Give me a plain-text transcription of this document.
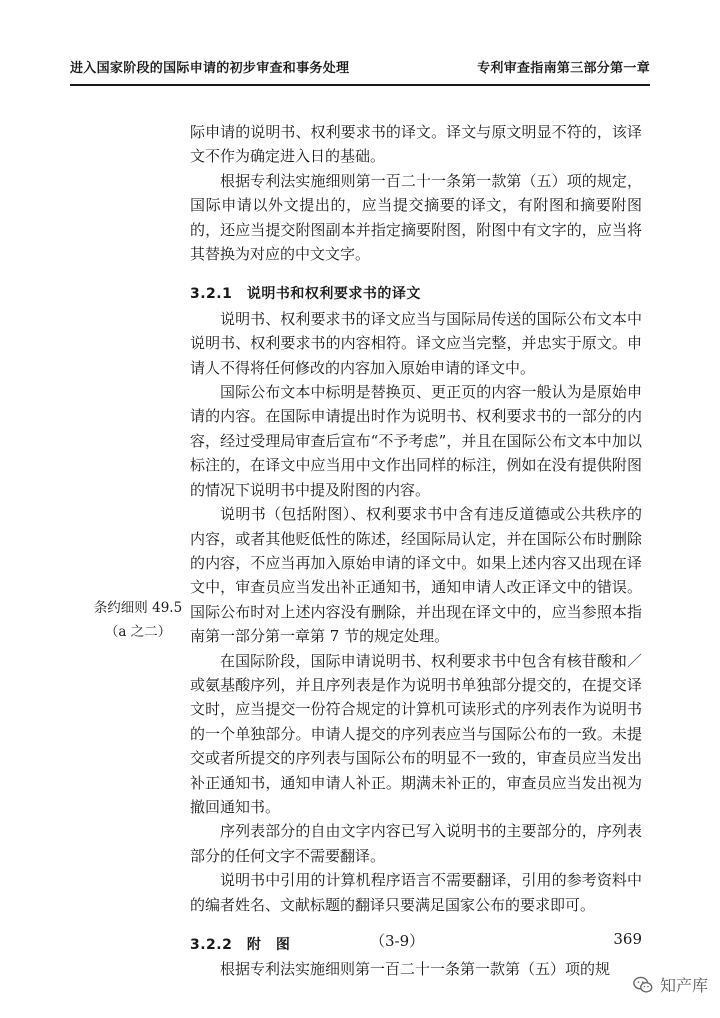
进入国家阶段的国际申请的初步审查和事务处理	专利审查指南第三部分第一章
条约细则 49.5
（a 之二）

际申请的说明书、权利要求书的译文。译文与原文明显不符的，该译文不作为确定进入日的基础。

根据专利法实施细则第一百二十一条第一款第（五）项的规定，国际申请以外文提出的，应当提交摘要的译文，有附图和摘要附图的，还应当提交附图副本并指定摘要附图，附图中有文字的，应当将其替换为对应的中文文字。

3.2.1　说明书和权利要求书的译文

说明书、权利要求书的译文应当与国际局传送的国际公布文本中说明书、权利要求书的内容相符。译文应当完整，并忠实于原文。申请人不得将任何修改的内容加入原始申请的译文中。

国际公布文本中标明是替换页、更正页的内容一般认为是原始申请的内容。在国际申请提出时作为说明书、权利要求书的一部分的内容，经过受理局审查后宣布“不予考虑”，并且在国际公布文本中加以标注的，在译文中应当用中文作出同样的标注，例如在没有提供附图的情况下说明书中提及附图的内容。

说明书（包括附图）、权利要求书中含有违反道德或公共秩序的内容，或者其他贬低性的陈述，经国际局认定，并在国际公布时删除的内容，不应当再加入原始申请的译文中。如果上述内容又出现在译文中，审查员应当发出补正通知书，通知申请人改正译文中的错误。国际公布时对上述内容没有删除，并出现在译文中的，应当参照本指南第一部分第一章第 7 节的规定处理。

在国际阶段，国际申请说明书、权利要求书中包含有核苷酸和／或氨基酸序列，并且序列表是作为说明书单独部分提交的，在提交译文时，应当提交一份符合规定的计算机可读形式的序列表作为说明书的一个单独部分。申请人提交的序列表应当与国际公布的一致。未提交或者所提交的序列表与国际公布的明显不一致的，审查员应当发出补正通知书，通知申请人补正。期满未补正的，审查员应当发出视为撤回通知书。

序列表部分的自由文字内容已写入说明书的主要部分的，序列表部分的任何文字不需要翻译。

说明书中引用的计算机程序语言不需要翻译，引用的参考资料中的编者姓名、文献标题的翻译只要满足国家公布的要求即可。

3.2.2　附　图

根据专利法实施细则第一百二十一条第一款第（五）项的规

（3-9）	369
知产库
